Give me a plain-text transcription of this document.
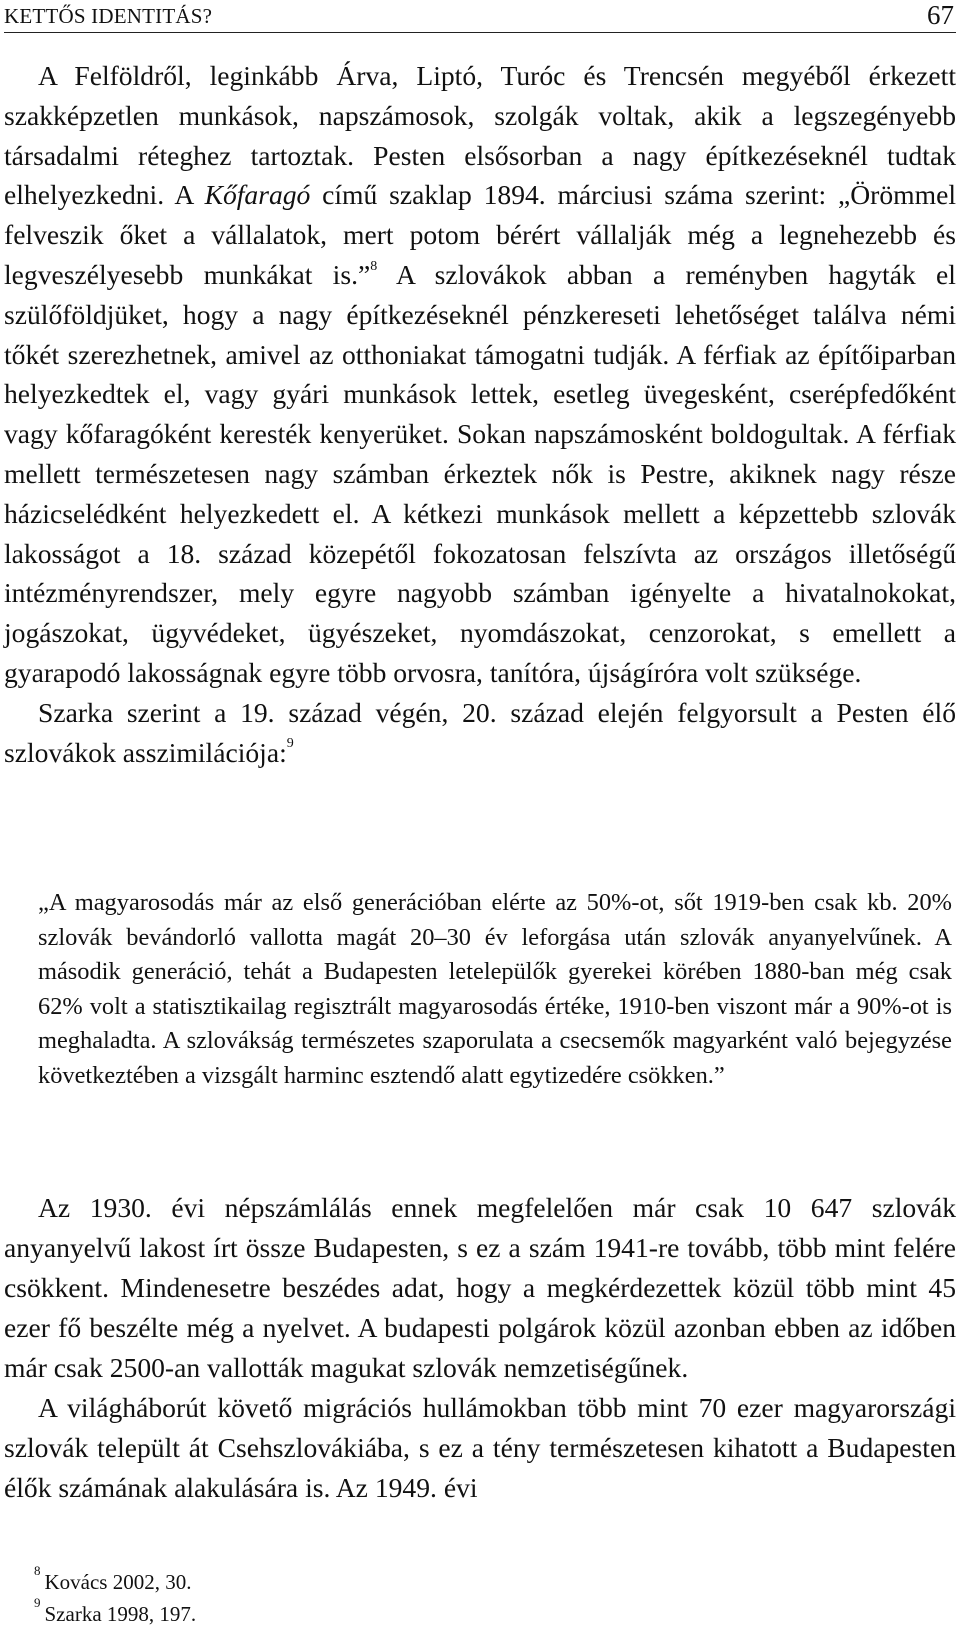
KETTŐS IDENTITÁS?	67

A Felföldről, leginkább Árva, Liptó, Turóc és Trencsén megyéből érkezett szakképzetlen munkások, napszámosok, szolgák voltak, akik a legszegényebb társadalmi réteghez tartoztak. Pesten elsősorban a nagy építkezéseknél tudtak elhelyezkedni. A Kőfaragó című szaklap 1894. márciusi száma szerint: „Örömmel felveszik őket a vállalatok, mert potom bérért vállalják még a legnehezebb és legveszélyesebb munkákat is.”$^8$ A szlovákok abban a reményben hagyták el szülőföldjüket, hogy a nagy építkezéseknél pénzkereseti lehetőséget találva némi tőkét szerezhetnek, amivel az otthoniakat támogatni tudják. A férfiak az építőiparban helyezkedtek el, vagy gyári munkások lettek, esetleg üvegesként, cserépfedőként vagy kőfaragóként keresték kenyerüket. Sokan napszámosként boldogultak. A férfiak mellett természetesen nagy számban érkeztek nők is Pestre, akiknek nagy része házicselédként helyezkedett el. A kétkezi munkások mellett a képzettebb szlovák lakosságot a 18. század közepétől fokozatosan felszívta az országos illetőségű intézményrendszer, mely egyre nagyobb számban igényelte a hivatalnokokat, jogászokat, ügyvédeket, ügyészeket, nyomdászokat, cenzorokat, s emellett a gyarapodó lakosságnak egyre több orvosra, tanítóra, újságíróra volt szüksége.

Szarka szerint a 19. század végén, 20. század elején felgyorsult a Pesten élő szlovákok asszimilációja:$^9$

„A magyarosodás már az első generációban elérte az 50%-ot, sőt 1919-ben csak kb. 20% szlovák bevándorló vallotta magát 20–30 év leforgása után szlovák anyanyelvűnek. A második generáció, tehát a Budapesten letelepülők gyerekei körében 1880-ban még csak 62% volt a statisztikailag regisztrált magyarosodás értéke, 1910-ben viszont már a 90%-ot is meghaladta. A szlovákság természetes szaporulata a csecsemők magyarként való bejegyzése következtében a vizsgált harminc esztendő alatt egytizedére csökken.”

Az 1930. évi népszámlálás ennek megfelelően már csak 10 647 szlovák anyanyelvű lakost írt össze Budapesten, s ez a szám 1941-re tovább, több mint felére csökkent. Mindenesetre beszédes adat, hogy a megkérdezettek közül több mint 45 ezer fő beszélte még a nyelvet. A budapesti polgárok közül azonban ebben az időben már csak 2500-an vallották magukat szlovák nemzetiségűnek.

A világháborút követő migrációs hullámokban több mint 70 ezer magyarországi szlovák települt át Csehszlovákiába, s ez a tény természetesen kihatott a Budapesten élők számának alakulására is. Az 1949. évi

$^8$ Kovács 2002, 30.
$^9$ Szarka 1998, 197.
